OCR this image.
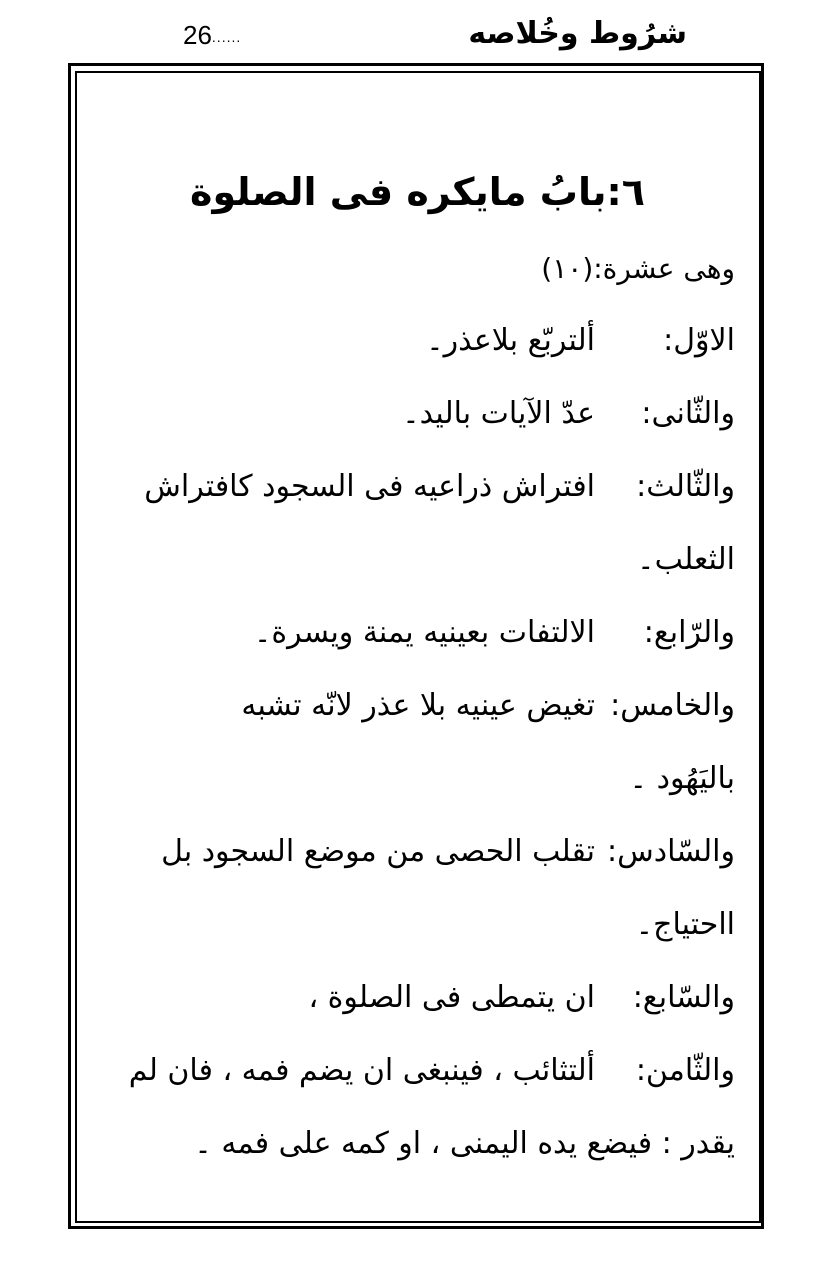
شرُوط وخُلاصه
26......
٦:بابُ مایکره فی الصلوة
وھی عشرة:(۱۰)
الاوّل:ألتربّع بلاعذر۔
والثّانی:عدّ الآیات بالید۔
والثّالث:افتراش ذراعیه فی السجود کافتراش
الثعلب۔
والرّابع:الالتفات بعینیه یمنة ویسرة۔
والخامس:تغیض عینیه بلا عذر لانّه تشبه
بالیَهُود ۔
والسّادس:تقلب الحصی من موضع السجود بل
ااحتیاج۔
والسّابع:ان یتمطی فی الصلوة ،
والثّامن:ألتثائب ، فینبغی ان یضم فمه ، فان لم
یقدر : فیضع یده الیمنی ، او کمه علی فمه ۔
